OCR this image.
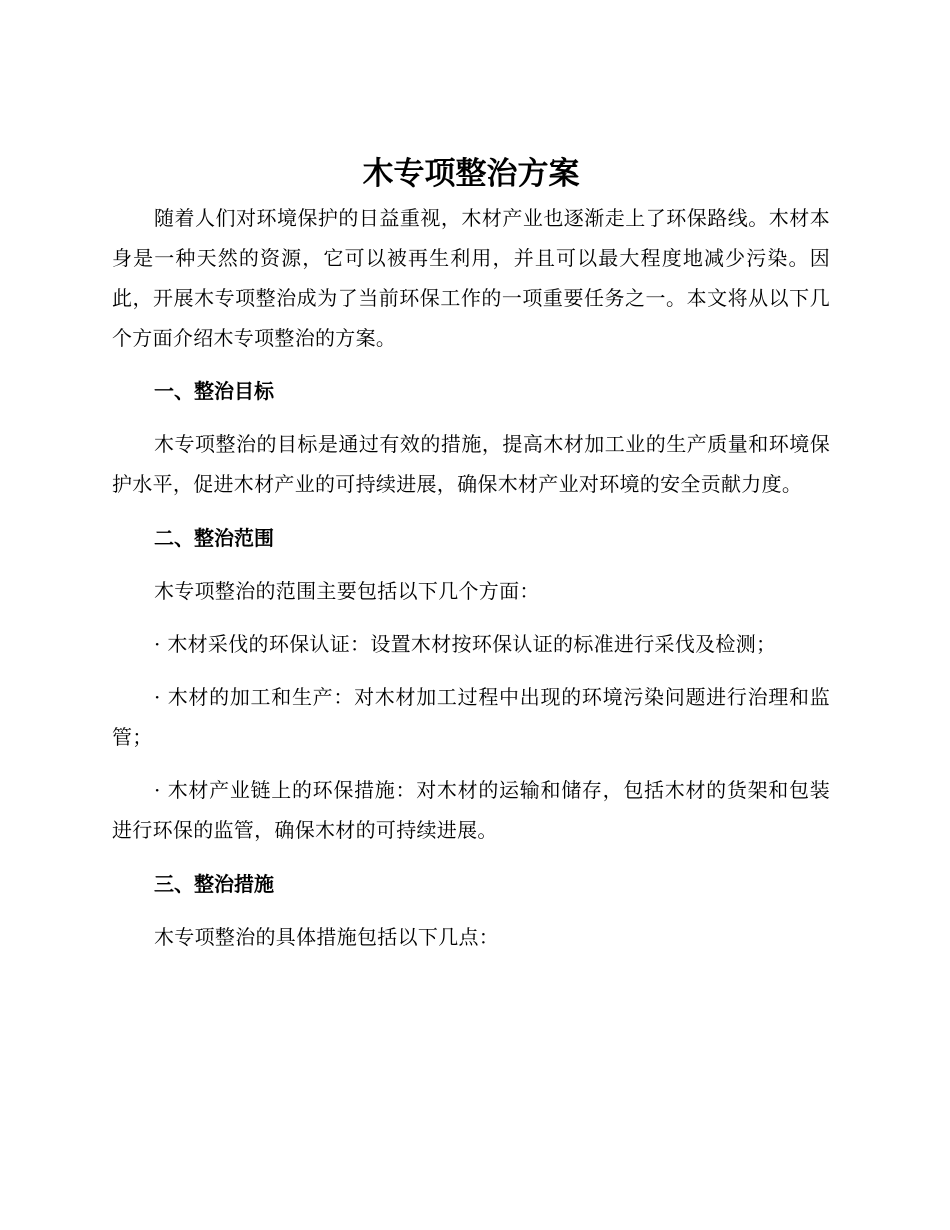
木专项整治方案

随着人们对环境保护的日益重视，木材产业也逐渐走上了环保路线。木材本身是一种天然的资源，它可以被再生利用，并且可以最大程度地减少污染。因此，开展木专项整治成为了当前环保工作的一项重要任务之一。本文将从以下几个方面介绍木专项整治的方案。

一、整治目标

木专项整治的目标是通过有效的措施，提高木材加工业的生产质量和环境保护水平，促进木材产业的可持续进展，确保木材产业对环境的安全贡献力度。

二、整治范围

木专项整治的范围主要包括以下几个方面：

· 木材采伐的环保认证：设置木材按环保认证的标准进行采伐及检测；

· 木材的加工和生产：对木材加工过程中出现的环境污染问题进行治理和监管；

· 木材产业链上的环保措施：对木材的运输和储存，包括木材的货架和包装进行环保的监管，确保木材的可持续进展。

三、整治措施

木专项整治的具体措施包括以下几点：
